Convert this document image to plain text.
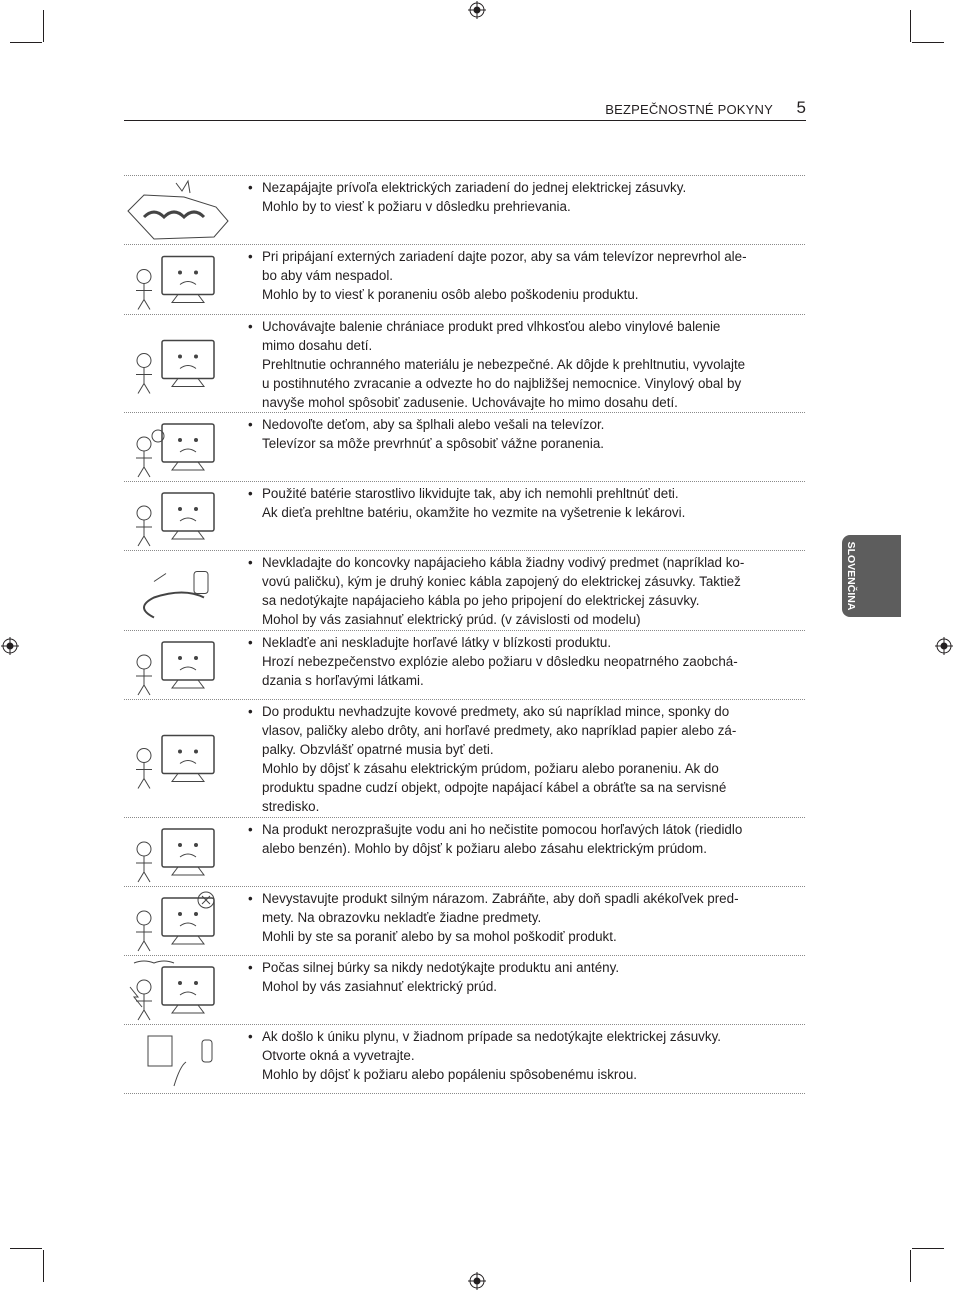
BEZPEČNOSTNÉ POKYNY 5
SLOVENČINA

• Nezapájajte prívoľa elektrických zariadení do jednej elektrickej zásuvky.

Mohlo by to viesť k požiaru v dôsledku prehrievania.

• Pri pripájaní externých zariadení dajte pozor, aby sa vám televízor neprevrhol ale-

bo aby vám nespadol.

Mohlo by to viesť k poraneniu osôb alebo poškodeniu produktu.

• Uchovávajte balenie chrániace produkt pred vlhkosťou alebo vinylové balenie

mimo dosahu detí.

Prehltnutie ochranného materiálu je nebezpečné. Ak dôjde k prehltnutiu, vyvolajte

u postihnutého zvracanie a odvezte ho do najbližšej nemocnice. Vinylový obal by

navyše mohol spôsobiť zadusenie. Uchovávajte ho mimo dosahu detí.

• Nedovoľte deťom, aby sa šplhali alebo vešali na televízor.

Televízor sa môže prevrhnúť a spôsobiť vážne poranenia.

• Použité batérie starostlivo likvidujte tak, aby ich nemohli prehltnúť deti.

Ak dieťa prehltne batériu, okamžite ho vezmite na vyšetrenie k lekárovi.

• Nevkladajte do koncovky napájacieho kábla žiadny vodivý predmet (napríklad ko-

vovú paličku), kým je druhý koniec kábla zapojený do elektrickej zásuvky. Taktiež

sa nedotýkajte napájacieho kábla po jeho pripojení do elektrickej zásuvky.

Mohol by vás zasiahnuť elektrický prúd. (v závislosti od modelu)

• Nekladťe ani neskladujte horľavé látky v blízkosti produktu.

Hrozí nebezpečenstvo explózie alebo požiaru v dôsledku neopatrného zaobchá-

dzania s horľavými látkami.

• Do produktu nevhadzujte kovové predmety, ako sú napríklad mince, sponky do

vlasov, paličky alebo drôty, ani horľavé predmety, ako napríklad papier alebo zá-

palky. Obzvlášť opatrné musia byť deti.

Mohlo by dôjsť k zásahu elektrickým prúdom, požiaru alebo poraneniu. Ak do

produktu spadne cudzí objekt, odpojte napájací kábel a obráťte sa na servisné

stredisko.

• Na produkt nerozprašujte vodu ani ho nečistite pomocou horľavých látok (riedidlo

alebo benzén). Mohlo by dôjsť k požiaru alebo zásahu elektrickým prúdom.

• Nevystavujte produkt silným nárazom. Zabráňte, aby doň spadli akékoľvek pred-

mety. Na obrazovku nekladťe žiadne predmety.

Mohli by ste sa poraniť alebo by sa mohol poškodiť produkt.

• Počas silnej búrky sa nikdy nedotýkajte produktu ani antény.

Mohol by vás zasiahnuť elektrický prúd.

• Ak došlo k úniku plynu, v žiadnom prípade sa nedotýkajte elektrickej zásuvky.

Otvorte okná a vyvetrajte.

Mohlo by dôjsť k požiaru alebo popáleniu spôsobenému iskrou.
